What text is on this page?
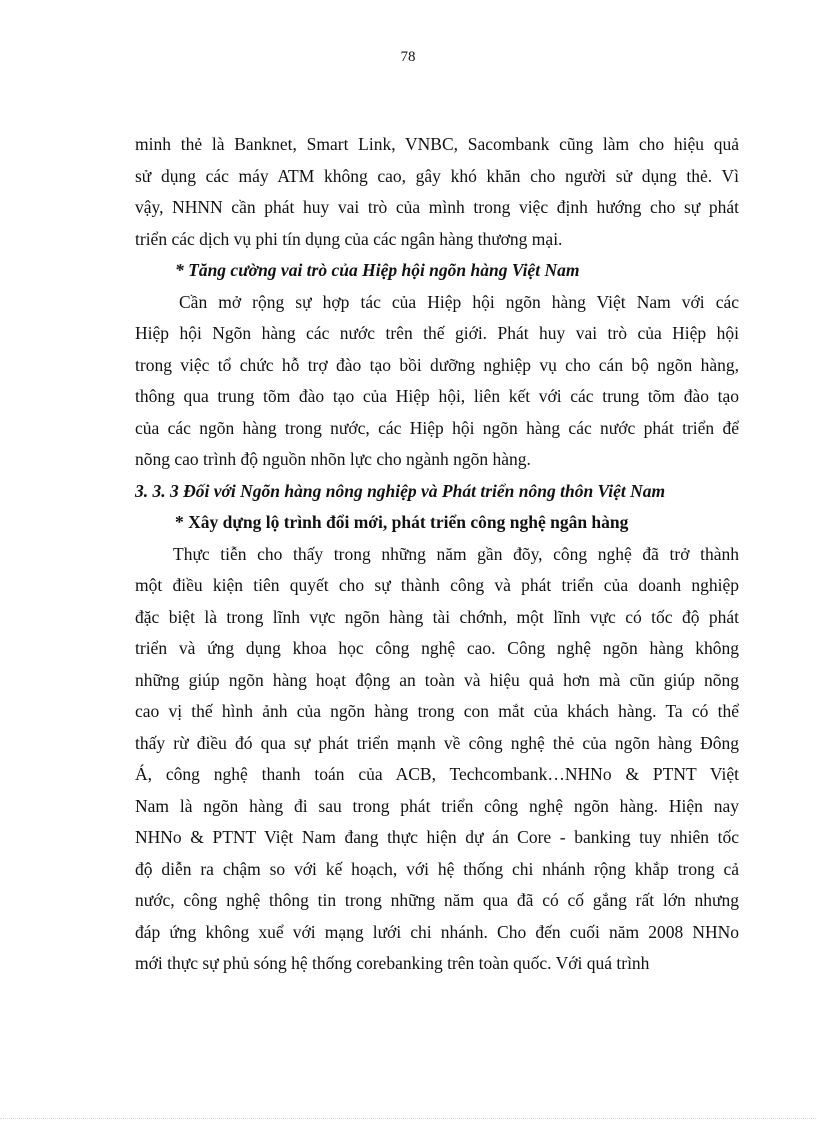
78
minh thẻ là Banknet, Smart Link, VNBC, Sacombank cũng làm cho hiệu quả
sử dụng các máy ATM không cao, gây khó khăn cho người sử dụng thẻ. Vì
vậy, NHNN cần phát huy vai trò của mình trong việc định hướng cho sự phát
triển các dịch vụ phi tín dụng của các ngân hàng thương mại.
* Tăng cường vai trò của Hiệp hội ngõn hàng Việt Nam
Cần mở rộng sự hợp tác của Hiệp hội ngõn hàng Việt Nam với các
Hiệp hội Ngõn hàng các nước trên thế giới. Phát huy vai trò của Hiệp hội
trong việc tổ chức hỗ trợ đào tạo bồi dưỡng nghiệp vụ cho cán bộ ngõn hàng,
thông qua trung tõm đào tạo của Hiệp hội, liên kết với các trung tõm đào tạo
của các ngõn hàng trong nước, các Hiệp hội ngõn hàng các nước phát triển để
nõng cao trình độ nguồn nhõn lực cho ngành ngõn hàng.
3. 3. 3 Đối với Ngõn hàng nông nghiệp và Phát triển nông thôn Việt Nam
* Xây dựng lộ trình đổi mới, phát triển công nghệ ngân hàng
Thực tiễn cho thấy trong những năm gần đõy, công nghệ đã trở thành
một điều kiện tiên quyết cho sự thành công và phát triển của doanh nghiệp
đặc biệt là trong lĩnh vực ngõn hàng tài chớnh, một lĩnh vực có tốc độ phát
triển và ứng dụng khoa học công nghệ cao. Công nghệ ngõn hàng không
những giúp ngõn hàng hoạt động an toàn và hiệu quả hơn mà cũn giúp nõng
cao vị thế hình ảnh của ngõn hàng trong con mắt của khách hàng. Ta có thể
thấy rừ điều đó qua sự phát triển mạnh về công nghệ thẻ của ngõn hàng Đông
Á, công nghệ thanh toán của ACB, Techcombank…NHNo & PTNT Việt
Nam là ngõn hàng đi sau trong phát triển công nghệ ngõn hàng. Hiện nay
NHNo & PTNT Việt Nam đang thực hiện dự án Core - banking tuy nhiên tốc
độ diễn ra chậm so với kế hoạch, với hệ thống chi nhánh rộng khắp trong cả
nước, công nghệ thông tin trong những năm qua đã có cố gắng rất lớn nhưng
đáp ứng không xuể với mạng lưới chi nhánh. Cho đến cuối năm 2008 NHNo
mới thực sự phủ sóng hệ thống corebanking trên toàn quốc. Với quá trình
